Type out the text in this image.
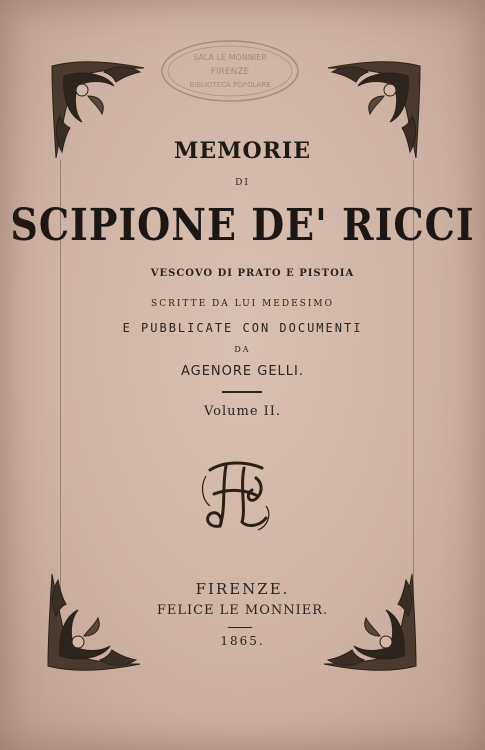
SALA LE MONNIER
FIRENZE
BIBLIOTECA POPOLARE
MEMORIE
DI
SCIPIONE DE' RICCI
VESCOVO DI PRATO E PISTOIA
SCRITTE DA LUI MEDESIMO
E PUBBLICATE CON DOCUMENTI
DA
AGENORE GELLI.
Volume II.
FIRENZE.
FELICE LE MONNIER.
1865.
